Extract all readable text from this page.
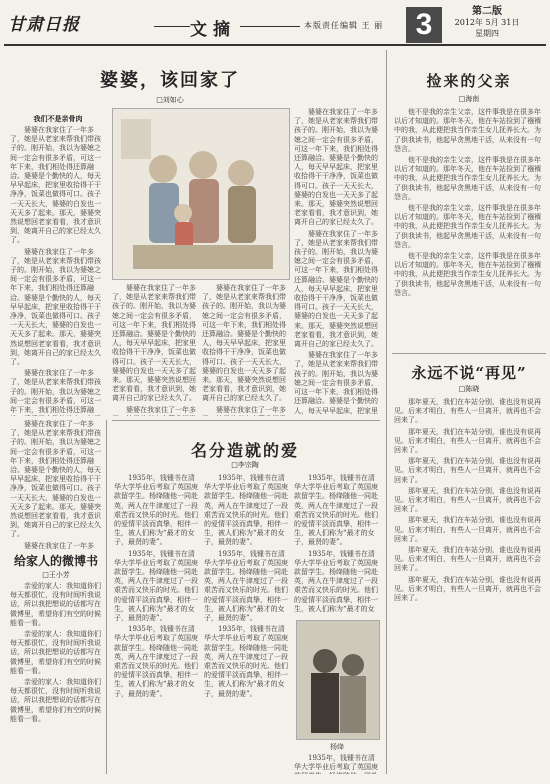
甘肃日报	文摘	本版责任编辑 王 丽	3	第二版
2012年 5月 31日
星期四
婆婆，该回家了
□刘如心
我们不是亲骨肉

婆婆在我家住了一年多了，她是从老家来帮我们带孩子的。刚开始，我以为婆媳之间一定会有很多矛盾，可这一年下来，我们相处得还算融洽。婆婆是个勤快的人，每天早早起床，把家里收拾得干干净净，饭菜也做得可口。孩子一天天长大，婆婆的白发也一天天多了起来。那天，婆婆突然说想回老家看看，我才意识到，她离开自己的家已经太久了。

婆婆在我家住了一年多了，她是从老家来帮我们带孩子的。刚开始，我以为婆媳之间一定会有很多矛盾，可这一年下来，我们相处得还算融洽。婆婆是个勤快的人，每天早早起床，把家里收拾得干干净净，饭菜也做得可口。孩子一天天长大，婆婆的白发也一天天多了起来。那天，婆婆突然说想回老家看看，我才意识到，她离开自己的家已经太久了。

婆婆在我家住了一年多了，她是从老家来帮我们带孩子的。刚开始，我以为婆媳之间一定会有很多矛盾，可这一年下来，我们相处得还算融

婆婆在我家住了一年多了，她是从老家来帮我们带孩子的。刚开始，我以为婆媳之间一定会有很多矛盾，可这一年下来，我们相处得还算融洽。婆婆是个勤快的人，每天早早起床，把家里收拾得干干净净，饭菜也做得可口。孩子一天天长大，婆婆的白发也一天天多了起来。那天，婆婆突然说想回老家看看，我才意识到，她离开自己的家已经太久了。

婆婆在我家住了一年多

婆婆在我家住了一年多了，她是从老家来帮我们带孩子的。刚开始，我以为婆媳之间一定会有很多矛盾，可这一年下来，我们相处得还算融洽。婆婆是个勤快的人，每天早早起床，把家里收拾得干干净净，饭菜也做得可口。孩子一天天长大，婆婆的白发也一天天多了起来。那天，婆婆突然说想回老家看看，我才意识到，她离开自己的家已经太久了。

婆婆在我家住了一年多

婆婆在我家住了一年多了，她是从老家来帮我们带孩子的。刚开始，我以为婆媳之间一定会有很多矛盾，可这一年下来，我们相处得还算融洽。婆婆是个勤快的人，每天早早起床，把家里收拾得干干净净，饭菜也做得可口。孩子一天天长大，婆婆的白发也一天天多了起来。那天，婆婆突然说想回老家看看，我才意识到，她离开自己的家已经太久了。

婆婆在我家住了一年多了，她是从老家来帮我们带孩子的。刚开始，我以为婆媳之间一定会有很多矛盾，可这一年下来，我们相处得还算融洽。婆婆是个勤快的人，每天早早起床，把家里收拾得干干净净，饭菜也做得可口。孩子一天天长大，婆婆的白发也一天天多了起来。那天，婆婆突然说想回老家看看，我才意识到，她离开自己的家已经太久了。

婆婆在我家住了一年多了，她是从老家来帮我们带孩子的。刚开始，我以为婆媳之间一定会有很多矛盾，可这一年下来，我们相处得还算融洽。婆婆是个勤快的人，每天早早起床，把家里

捡来的父亲
□海南

他不是我的亲生父亲，这件事我是在很多年以后才知道的。那年冬天，他在车站捡到了襁褓中的我，从此便把我当作亲生女儿抚养长大。为了供我读书，他起早贪黑地干活，从来没有一句怨言。

他不是我的亲生父亲，这件事我是在很多年以后才知道的。那年冬天，他在车站捡到了襁褓中的我，从此便把我当作亲生女儿抚养长大。为了供我读书，他起早贪黑地干活，从来没有一句怨言。

他不是我的亲生父亲，这件事我是在很多年以后才知道的。那年冬天，他在车站捡到了襁褓中的我，从此便把我当作亲生女儿抚养长大。为了供我读书，他起早贪黑地干活，从来没有一句怨言。

他不是我的亲生父亲，这件事我是在很多年以后才知道的。那年冬天，他在车站捡到了襁褓中的我，从此便把我当作亲生女儿抚养长大。为了供我读书，他起早贪黑地干活，从来没有一句怨言。

永远不说“再见”
□陈晓

那年夏天，我们在车站分别，谁也没有说再见。后来才明白，有些人一旦离开，就再也不会回来了。

那年夏天，我们在车站分别，谁也没有说再见。后来才明白，有些人一旦离开，就再也不会回来了。

那年夏天，我们在车站分别，谁也没有说再见。后来才明白，有些人一旦离开，就再也不会回来了。

那年夏天，我们在车站分别，谁也没有说再见。后来才明白，有些人一旦离开，就再也不会回来了。

那年夏天，我们在车站分别，谁也没有说再见。后来才明白，有些人一旦离开，就再也不会回来了。

那年夏天，我们在车站分别，谁也没有说再见。后来才明白，有些人一旦离开，就再也不会回来了。

那年夏天，我们在车站分别，谁也没有说再见。后来才明白，有些人一旦离开，就再也不会回来了。

婆婆在我家住了一年多了，她是从老家来帮我们带孩子的。刚开始，我以为婆媳之间一定会有很多矛盾，可这一年下来，我们相处得还算融洽。婆婆是个勤快的人，每天早早起床，把家里收拾得干干净净，饭菜也做得可口。孩子一天天长大，婆婆的白发也一天天多了起来。那天，婆婆突然说想回老家看看，我才意识到，她离开自己的家已经太久了。

婆婆在我家住了一年多

给家人的微博书
□王小芳

亲爱的家人：我知道你们每天都很忙，没有时间听我说话，所以我把想说的话都写在微博里，希望你们有空的时候能看一看。

亲爱的家人：我知道你们每天都很忙，没有时间听我说话，所以我把想说的话都写在微博里，希望你们有空的时候能看一看。

亲爱的家人：我知道你们每天都很忙，没有时间听我说话，所以我把想说的话都写在微博里，希望你们有空的时候能看一看。

名分造就的爱
□李宗陶

1935年，钱锺书在清华大学毕业后考取了英国庚款留学生。杨绛随他一同赴英，两人在牛津度过了一段艰苦而又快乐的时光。他们的爱情平淡而真挚，相伴一生，被人们称为“最才的女子，最贤的妻”。

1935年，钱锺书在清华大学毕业后考取了英国庚款留学生。杨绛随他一同赴英，两人在牛津度过了一段艰苦而又快乐的时光。他们的爱情平淡而真挚，相伴一生，被人们称为“最才的女子，最贤的妻”。

1935年，钱锺书在清华大学毕业后考取了英国庚款留学生。杨绛随他一同赴英，两人在牛津度过了一段艰苦而又快乐的时光。他们的爱情平淡而真挚，相伴一生，被人们称为“最才的女子，最贤的妻”。

1935年，钱锺书在清华大学毕业后考取了英国庚款留学生。杨绛随他一同赴英，两人在牛津度过了一段艰苦而又快乐的时光。他们的爱情平淡而真挚，相伴一生，被人们称为“最才的女子，最贤的妻”。

1935年，钱锺书在清华大学毕业后考取了英国庚款留学生。杨绛随他一同赴英，两人在牛津度过了一段艰苦而又快乐的时光。他们的爱情平淡而真挚，相伴一生，被人们称为“最才的女子，最贤的妻”。

1935年，钱锺书在清华大学毕业后考取了英国庚款留学生。杨绛随他一同赴英，两人在牛津度过了一段艰苦而又快乐的时光。他们的爱情平淡而真挚，相伴一生，被人们称为“最才的女子，最贤的妻”。

1935年，钱锺书在清华大学毕业后考取了英国庚款留学生。杨绛随他一同赴英，两人在牛津度过了一段艰苦而又快乐的时光。他们的爱情平淡而真挚，相伴一生，被人们称为“最才的女子，最贤的妻”。

1935年，钱锺书在清华大学毕业后考取了英国庚款留学生。杨绛随他一同赴英，两人在牛津度过了一段艰苦而又快乐的时光。他们的爱情平淡而真挚，相伴一生，被人们称为“最才的女

杨绛

1935年，钱锺书在清华大学毕业后考取了英国庚
